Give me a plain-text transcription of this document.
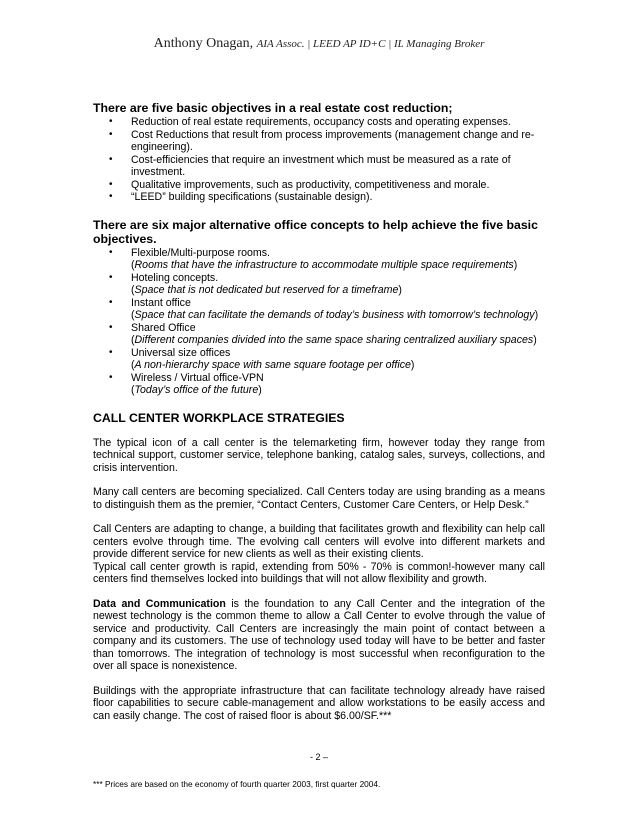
Anthony Onagan, AIA Assoc. | LEED AP ID+C | IL Managing Broker
There are five basic objectives in a real estate cost reduction;
• Reduction of real estate requirements, occupancy costs and operating expenses.
• Cost Reductions that result from process improvements (management change and re-engineering).
• Cost-efficiencies that require an investment which must be measured as a rate of investment.
• Qualitative improvements, such as productivity, competitiveness and morale.
• “LEED” building specifications (sustainable design).
There are six major alternative office concepts to help achieve the five basic objectives.
• Flexible/Multi-purpose rooms.
(Rooms that have the infrastructure to accommodate multiple space requirements)
• Hoteling concepts.
(Space that is not dedicated but reserved for a timeframe)
• Instant office
(Space that can facilitate the demands of today’s business with tomorrow’s technology)
• Shared Office
(Different companies divided into the same space sharing centralized auxiliary spaces)
• Universal size offices
(A non-hierarchy space with same square footage per office)
• Wireless / Virtual office-VPN
(Today’s office of the future)
CALL CENTER WORKPLACE STRATEGIES

The typical icon of a call center is the telemarketing firm, however today they range from technical support, customer service, telephone banking, catalog sales, surveys, collections, and crisis intervention.

Many call centers are becoming specialized. Call Centers today are using branding as a means to distinguish them as the premier, “Contact Centers, Customer Care Centers, or Help Desk.”

Call Centers are adapting to change, a building that facilitates growth and flexibility can help call centers evolve through time. The evolving call centers will evolve into different markets and provide different service for new clients as well as their existing clients.

Typical call center growth is rapid, extending from 50% - 70% is common!-however many call centers find themselves locked into buildings that will not allow flexibility and growth.

Data and Communication is the foundation to any Call Center and the integration of the newest technology is the common theme to allow a Call Center to evolve through the value of service and productivity. Call Centers are increasingly the main point of contact between a company and its customers. The use of technology used today will have to be better and faster than tomorrows. The integration of technology is most successful when reconfiguration to the over all space is nonexistence.

Buildings with the appropriate infrastructure that can facilitate technology already have raised floor capabilities to secure cable-management and allow workstations to be easily access and can easily change. The cost of raised floor is about $6.00/SF.***

- 2 –
*** Prices are based on the economy of fourth quarter 2003, first quarter 2004.
